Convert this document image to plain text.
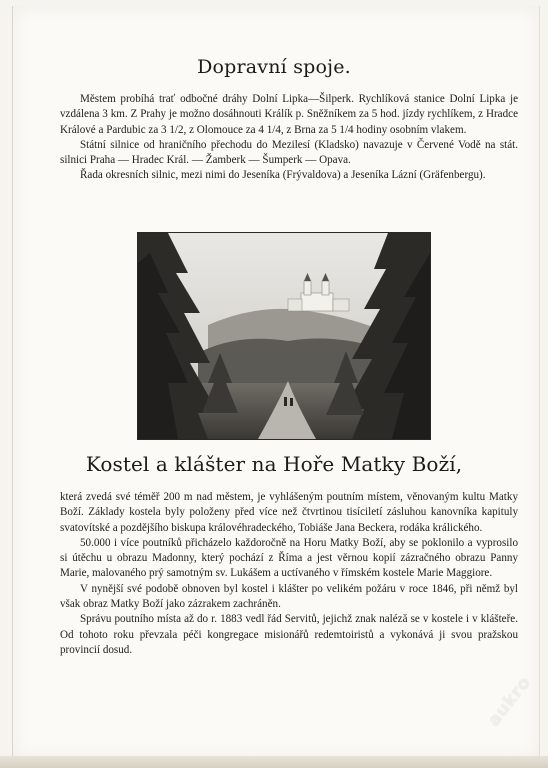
Dopravní spoje.

Městem probíhá trať odbočné dráhy Dolní Lipka—Šilperk. Rychlíková stanice Dolní Lipka je vzdálena 3 km. Z Prahy je možno dosáhnouti Králík p. Sněžníkem za 5 hod. jízdy rychlíkem, z Hradce Králové a Pardubic za 3 1/2, z Olomouce za 4 1/4, z Brna za 5 1/4 hodiny osobním vlakem.

Státní silnice od hraničního přechodu do Mezilesí (Kladsko) navazuje v Červené Vodě na stát. silnici Praha — Hradec Král. — Žamberk — Šumperk — Opava.

Řada okresních silnic, mezi nimi do Jeseníka (Frývaldova) a Jeseníka Lázní (Gräfenbergu).

Kostel a klášter na Hoře Matky Boží,

která zvedá své téměř 200 m nad městem, je vyhlášeným poutním místem, věnovaným kultu Matky Boží. Základy kostela byly položeny před více než čtvrtinou tisíciletí zásluhou kanovníka kapituly svatovítské a pozdějšího biskupa královéhradeckého, Tobiáše Jana Beckera, rodáka králického.

50.000 i více poutníků přicházelo každoročně na Horu Matky Boží, aby se poklonilo a vyprosilo si útěchu u obrazu Madonny, který pochází z Říma a jest věrnou kopií zázračného obrazu Panny Marie, malovaného prý samotným sv. Lukášem a uctívaného v římském kostele Marie Maggiore.

V nynější své podobě obnoven byl kostel i klášter po velikém požáru v roce 1846, při němž byl však obraz Matky Boží jako zázrakem zachráněn.

Správu poutního místa až do r. 1883 vedl řád Servitů, jejichž znak naléză se v kostele i v klášteře. Od tohoto roku převzala péči kongregace misionářů redemtoiristů a vykonává ji svou pražskou provincií dosud.

aukro
